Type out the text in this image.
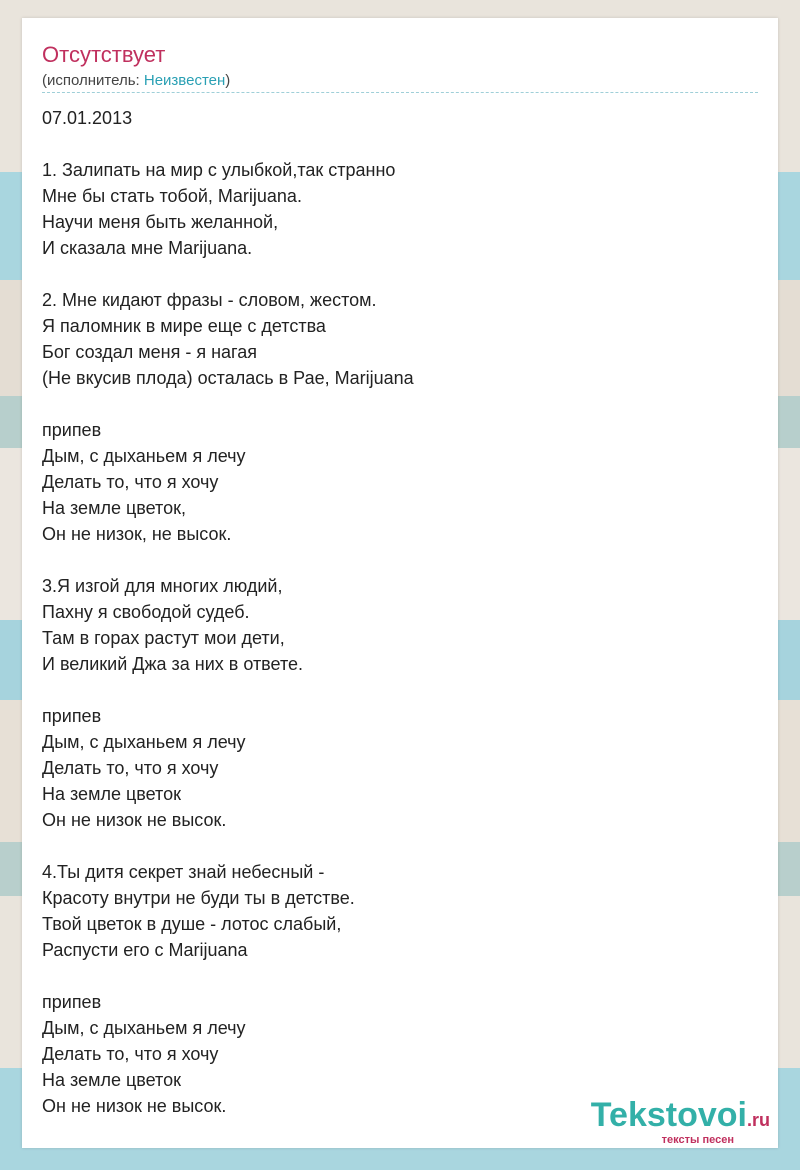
Отсутствует
(исполнитель: Неизвестен)
07.01.2013

1. Залипать на мир с улыбкой,так странно
Мне бы стать тобой, Marijuana.
Научи меня быть желанной,
И сказала мне Marijuana.

2. Мне кидают фразы - словом, жестом.
Я паломник в мире еще с детства
Бог создал меня - я нагая
(Не вкусив плода) осталась в Рае, Marijuana

припев
Дым, с дыханьем я лечу
Делать то, что я хочу
На земле цветок,
Он не низок, не высок.

3.Я изгой для многих людий,
Пахну я свободой судеб.
Там в горах растут мои дети,
И великий Джа за них в ответе.

припев
Дым, с дыханьем я лечу
Делать то, что я хочу
На земле цветок
Он не низок не высок.

4.Ты дитя секрет знай небесный -
Красоту внутри не буди ты в детстве.
Твой цветок в душе - лотос слабый,
Распусти его с Marijuana

припев
Дым, с дыханьем я лечу
Делать то, что я хочу
На земле цветок
Он не низок не высок.	Tekstovoi.ru
тексты песен
